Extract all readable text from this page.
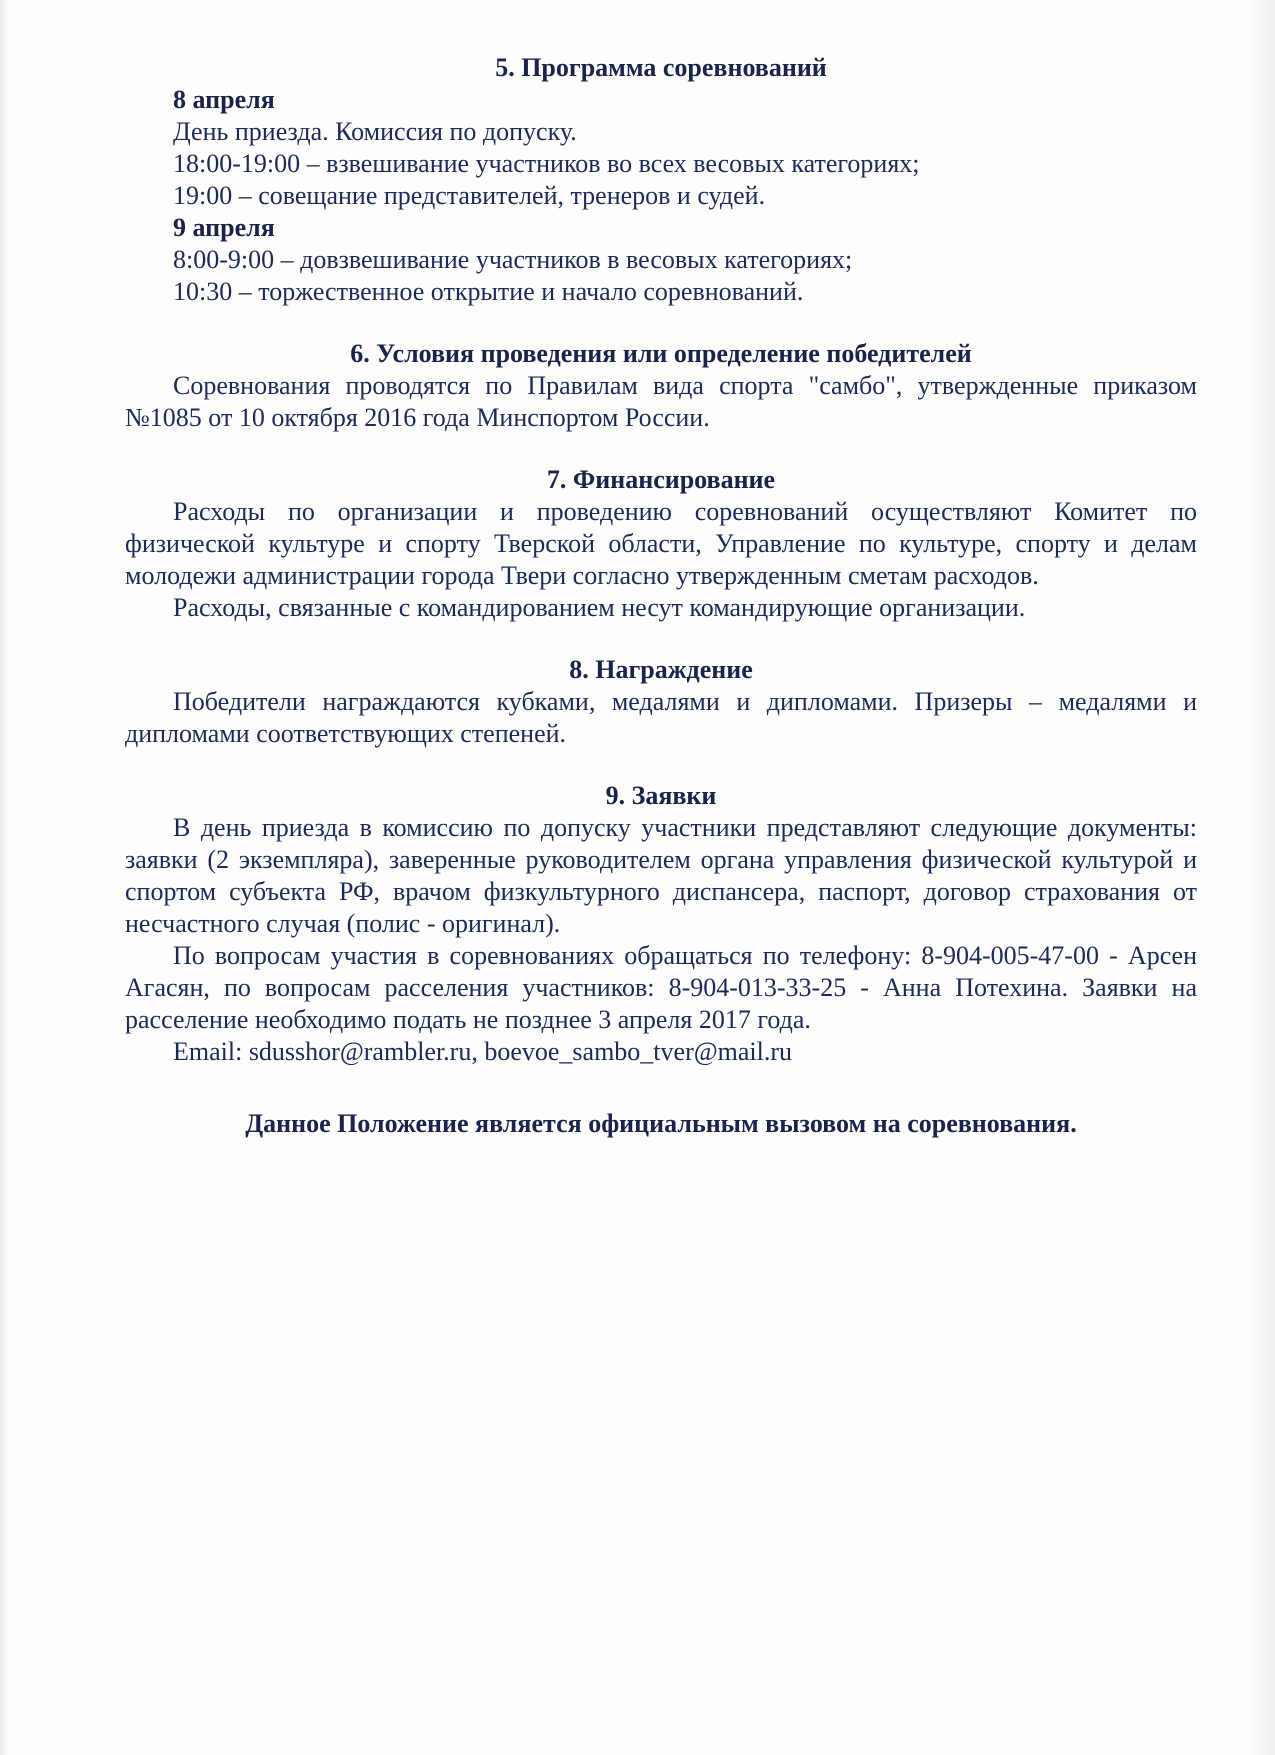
5. Программа соревнований

8 апреля

День приезда. Комиссия по допуску.

18:00-19:00 – взвешивание участников во всех весовых категориях;

19:00 – совещание представителей, тренеров и судей.

9 апреля

8:00-9:00 – довзвешивание участников в весовых категориях;

10:30 – торжественное открытие и начало соревнований.

6. Условия проведения или определение победителей

Соревнования проводятся по Правилам вида спорта "самбо", утвержденные приказом №1085 от 10 октября 2016 года Минспортом России.

7. Финансирование

Расходы по организации и проведению соревнований осуществляют Комитет по физической культуре и спорту Тверской области, Управление по культуре, спорту и делам молодежи администрации города Твери согласно утвержденным сметам расходов.

Расходы, связанные с командированием несут командирующие организации.

8. Награждение

Победители награждаются кубками, медалями и дипломами. Призеры – медалями и дипломами соответствующих степеней.

9. Заявки

В день приезда в комиссию по допуску участники представляют следующие документы: заявки (2 экземпляра), заверенные руководителем органа управления физической культурой и спортом субъекта РФ, врачом физкультурного диспансера, паспорт, договор страхования от несчастного случая (полис - оригинал).

По вопросам участия в соревнованиях обращаться по телефону: 8-904-005-47-00 - Арсен Агасян, по вопросам расселения участников: 8-904-013-33-25 - Анна Потехина. Заявки на расселение необходимо подать не позднее 3 апреля 2017 года.

Email: sdusshor@rambler.ru, boevoe_sambo_tver@mail.ru

Данное Положение является официальным вызовом на соревнования.
